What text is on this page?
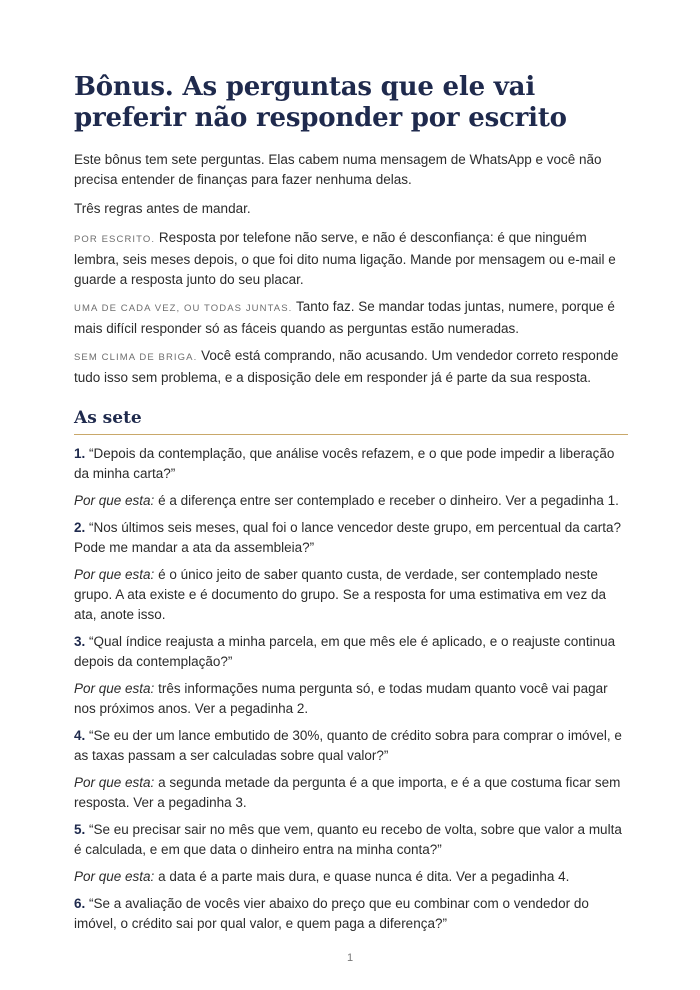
Bônus. As perguntas que ele vai preferir não responder por escrito

Este bônus tem sete perguntas. Elas cabem numa mensagem de WhatsApp e você não precisa entender de finanças para fazer nenhuma delas.

Três regras antes de mandar.

POR ESCRITO. Resposta por telefone não serve, e não é desconfiança: é que ninguém lembra, seis meses depois, o que foi dito numa ligação. Mande por mensagem ou e-mail e guarde a resposta junto do seu placar.

UMA DE CADA VEZ, OU TODAS JUNTAS. Tanto faz. Se mandar todas juntas, numere, porque é mais difícil responder só as fáceis quando as perguntas estão numeradas.

SEM CLIMA DE BRIGA. Você está comprando, não acusando. Um vendedor correto responde tudo isso sem problema, e a disposição dele em responder já é parte da sua resposta.

As sete

1. “Depois da contemplação, que análise vocês refazem, e o que pode impedir a liberação da minha carta?”

Por que esta: é a diferença entre ser contemplado e receber o dinheiro. Ver a pegadinha 1.

2. “Nos últimos seis meses, qual foi o lance vencedor deste grupo, em percentual da carta? Pode me mandar a ata da assembleia?”

Por que esta: é o único jeito de saber quanto custa, de verdade, ser contemplado neste grupo. A ata existe e é documento do grupo. Se a resposta for uma estimativa em vez da ata, anote isso.

3. “Qual índice reajusta a minha parcela, em que mês ele é aplicado, e o reajuste continua depois da contemplação?”

Por que esta: três informações numa pergunta só, e todas mudam quanto você vai pagar nos próximos anos. Ver a pegadinha 2.

4. “Se eu der um lance embutido de 30%, quanto de crédito sobra para comprar o imóvel, e as taxas passam a ser calculadas sobre qual valor?”

Por que esta: a segunda metade da pergunta é a que importa, e é a que costuma ficar sem resposta. Ver a pegadinha 3.

5. “Se eu precisar sair no mês que vem, quanto eu recebo de volta, sobre que valor a multa é calculada, e em que data o dinheiro entra na minha conta?”

Por que esta: a data é a parte mais dura, e quase nunca é dita. Ver a pegadinha 4.

6. “Se a avaliação de vocês vier abaixo do preço que eu combinar com o vendedor do imóvel, o crédito sai por qual valor, e quem paga a diferença?”

1
